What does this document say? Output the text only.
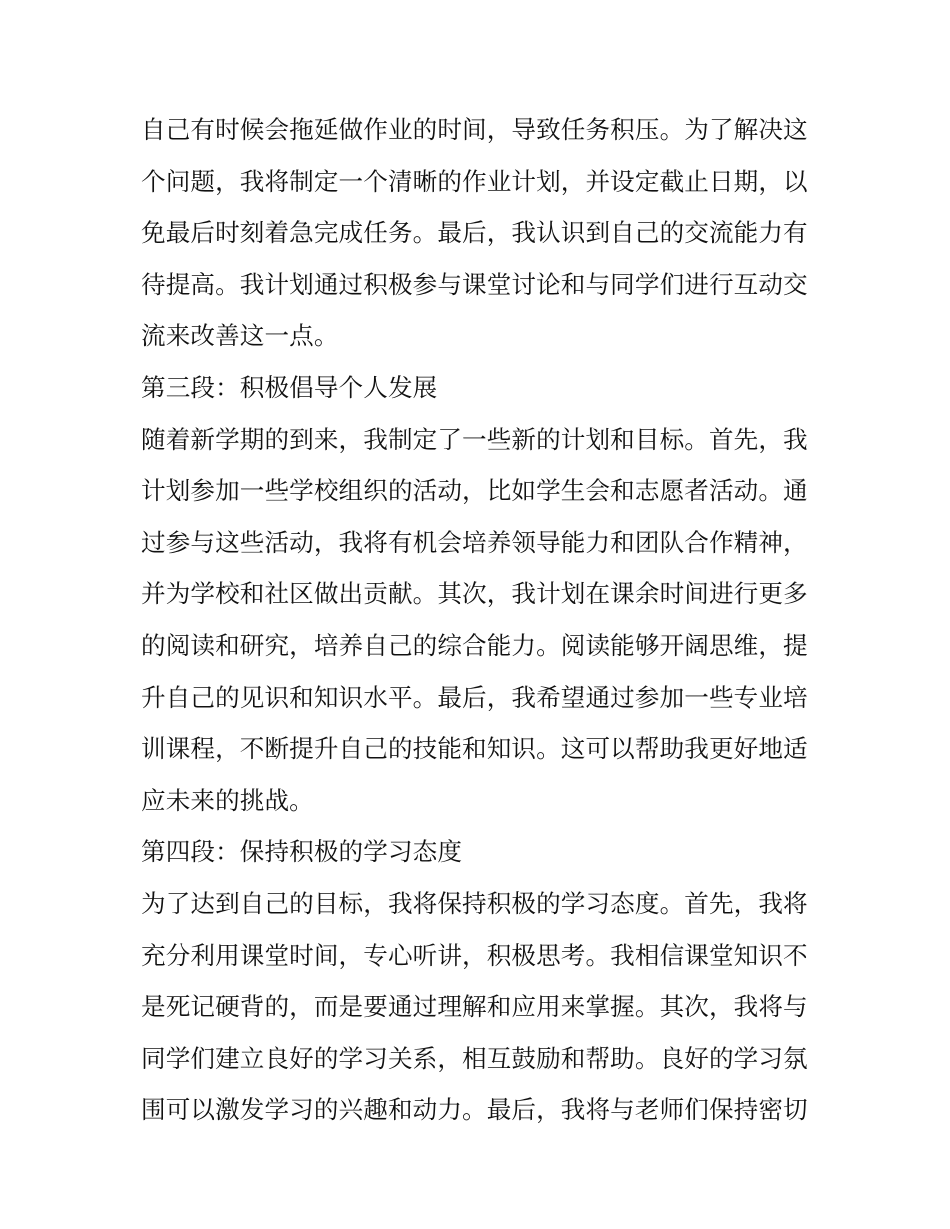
自己有时候会拖延做作业的时间，导致任务积压。为了解决这
个问题，我将制定一个清晰的作业计划，并设定截止日期，以
免最后时刻着急完成任务。最后，我认识到自己的交流能力有
待提高。我计划通过积极参与课堂讨论和与同学们进行互动交
流来改善这一点。
第三段：积极倡导个人发展
随着新学期的到来，我制定了一些新的计划和目标。首先，我
计划参加一些学校组织的活动，比如学生会和志愿者活动。通
过参与这些活动，我将有机会培养领导能力和团队合作精神，
并为学校和社区做出贡献。其次，我计划在课余时间进行更多
的阅读和研究，培养自己的综合能力。阅读能够开阔思维，提
升自己的见识和知识水平。最后，我希望通过参加一些专业培
训课程，不断提升自己的技能和知识。这可以帮助我更好地适
应未来的挑战。
第四段：保持积极的学习态度
为了达到自己的目标，我将保持积极的学习态度。首先，我将
充分利用课堂时间，专心听讲，积极思考。我相信课堂知识不
是死记硬背的，而是要通过理解和应用来掌握。其次，我将与
同学们建立良好的学习关系，相互鼓励和帮助。良好的学习氛
围可以激发学习的兴趣和动力。最后，我将与老师们保持密切
